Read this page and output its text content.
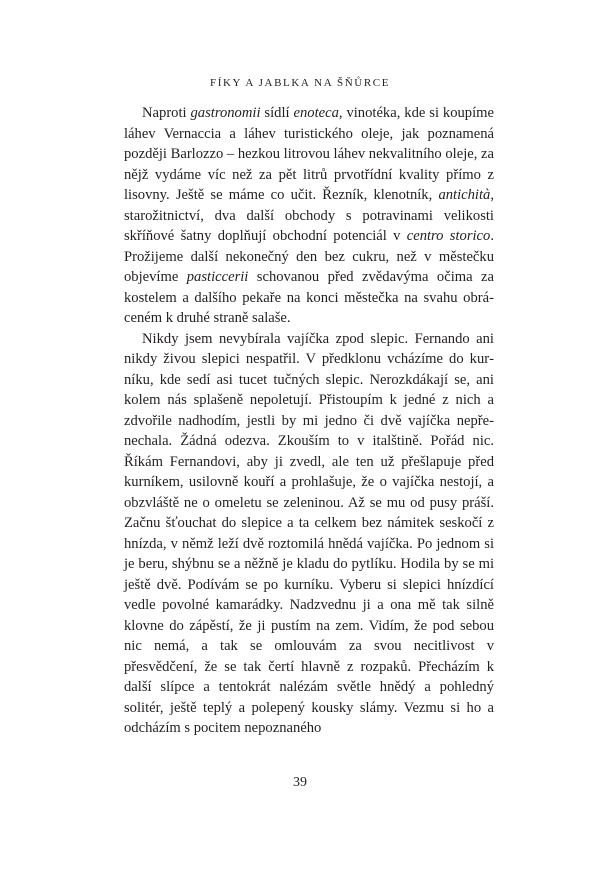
FÍKY A JABLKA NA ŠŇŮRCE

Naproti gastronomii sídlí enoteca, vinotéka, kde si koupíme láhev Vernaccia a láhev turistického oleje, jak poznamená později Barlozzo – hezkou litrovou láhev nekvalitního oleje, za nějž vydáme víc než za pět litrů prvotřídní kvality přímo z lisovny. Ještě se máme co učit. Řezník, klenotník, antichità, starožitnictví, dva další obchody s potravinami velikosti skříňové šatny doplňují obchodní potenciál v centro storico. Prožijeme další nekonečný den bez cukru, než v městečku objevíme pasticcerii schovanou před zvědavýma očima za kostelem a dalšího pekaře na konci městečka na svahu obráceném k druhé straně salaše.

Nikdy jsem nevybírala vajíčka zpod slepic. Fernando ani nikdy živou slepici nespatřil. V předklonu vcházíme do kurníku, kde sedí asi tucet tučných slepic. Nerozkdákají se, ani kolem nás splašeně nepoletují. Přistoupím k jedné z nich a zdvořile nadhodím, jestli by mi jedno či dvě vajíčka nepřenechala. Žádná odezva. Zkouším to v italštině. Pořád nic. Říkám Fernandovi, aby ji zvedl, ale ten už přešlapuje před kurníkem, usilovně kouří a prohlašuje, že o vajíčka nestojí, a obzvláště ne o omeletu se zeleninou. Až se mu od pusy práší. Začnu šťouchat do slepice a ta celkem bez námitek seskočí z hnízda, v němž leží dvě roztomilá hnědá vajíčka. Po jednom si je beru, shýbnu se a něžně je kladu do pytlíku. Hodila by se mi ještě dvě. Podívám se po kurníku. Vyberu si slepici hnízdící vedle povolné kamarádky. Nadzvednu ji a ona mě tak silně klovne do zápěstí, že ji pustím na zem. Vidím, že pod sebou nic nemá, a tak se omlouvám za svou necitlivost v přesvědčení, že se tak čertí hlavně z rozpaků. Přecházím k další slípce a tentokrát nalézám světle hnědý a pohledný solitér, ještě teplý a polepený kousky slámy. Vezmu si ho a odcházím s pocitem nepoznaného

39
